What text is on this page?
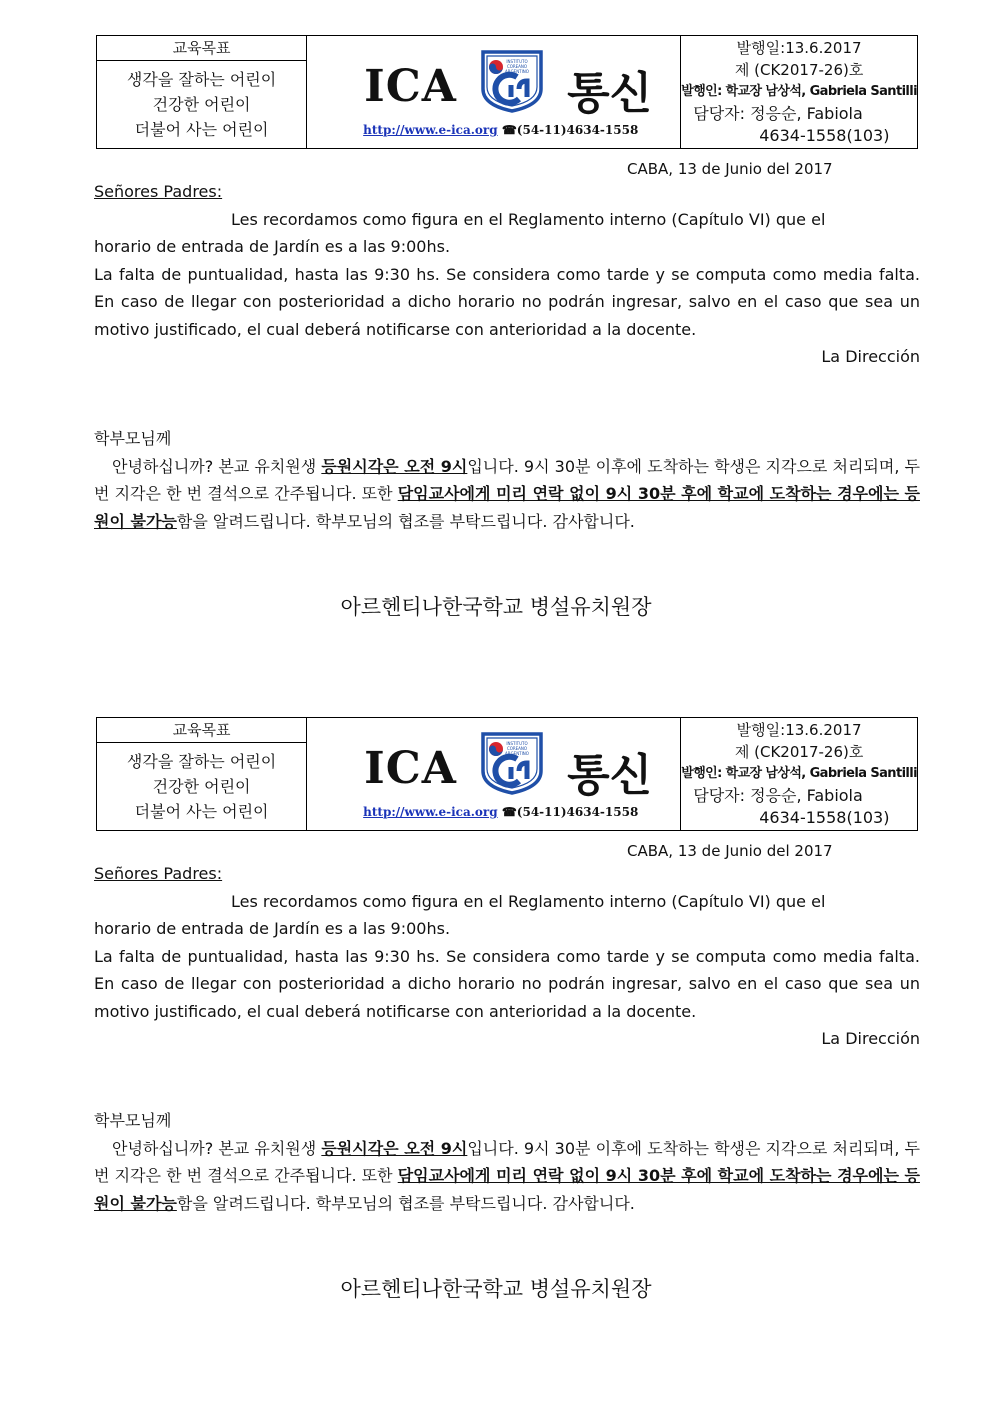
교육목표
생각을 잘하는 어린이
건강한 어린이
더불어 사는 어린이
ICA	INSTITUTO
COREANO
ARGENTINO 통신
http://www.e-ica.org ☎(54-11)4634-1558
발행일:13.6.2017
제 (CK2017-26)호
발행인: 학교장 남상석, Gabriela Santilli
담당자: 정응순, Fabiola
4634-1558(103)
CABA, 13 de Junio del 2017
Señores Padres:
Les recordamos como figura en el Reglamento interno (Capítulo VI) que el
horario de entrada de Jardín es a las 9:00hs.
La falta de puntualidad, hasta las 9:30 hs. Se considera como tarde y se computa como media falta. En caso de llegar con posterioridad a dicho horario no podrán ingresar, salvo en el caso que sea un motivo justificado, el cual deberá notificarse con anterioridad a la docente.
La Dirección
학부모님께
안녕하십니까? 본교 유치원생 등원시각은 오전 9시입니다. 9시 30분 이후에 도착하는 학생은 지각으로 처리되며, 두 번 지각은 한 번 결석으로 간주됩니다. 또한 담임교사에게 미리 연락 없이 9시 30분 후에 학교에 도착하는 경우에는 등원이 불가능함을 알려드립니다. 학부모님의 협조를 부탁드립니다. 감사합니다.
아르헨티나한국학교 병설유치원장
교육목표
생각을 잘하는 어린이
건강한 어린이
더불어 사는 어린이
ICA	INSTITUTO
COREANO
ARGENTINO 통신
http://www.e-ica.org ☎(54-11)4634-1558
발행일:13.6.2017
제 (CK2017-26)호
발행인: 학교장 남상석, Gabriela Santilli
담당자: 정응순, Fabiola
4634-1558(103)
CABA, 13 de Junio del 2017
Señores Padres:
Les recordamos como figura en el Reglamento interno (Capítulo VI) que el
horario de entrada de Jardín es a las 9:00hs.
La falta de puntualidad, hasta las 9:30 hs. Se considera como tarde y se computa como media falta. En caso de llegar con posterioridad a dicho horario no podrán ingresar, salvo en el caso que sea un motivo justificado, el cual deberá notificarse con anterioridad a la docente.
La Dirección
학부모님께
안녕하십니까? 본교 유치원생 등원시각은 오전 9시입니다. 9시 30분 이후에 도착하는 학생은 지각으로 처리되며, 두 번 지각은 한 번 결석으로 간주됩니다. 또한 담임교사에게 미리 연락 없이 9시 30분 후에 학교에 도착하는 경우에는 등원이 불가능함을 알려드립니다. 학부모님의 협조를 부탁드립니다. 감사합니다.
아르헨티나한국학교 병설유치원장
